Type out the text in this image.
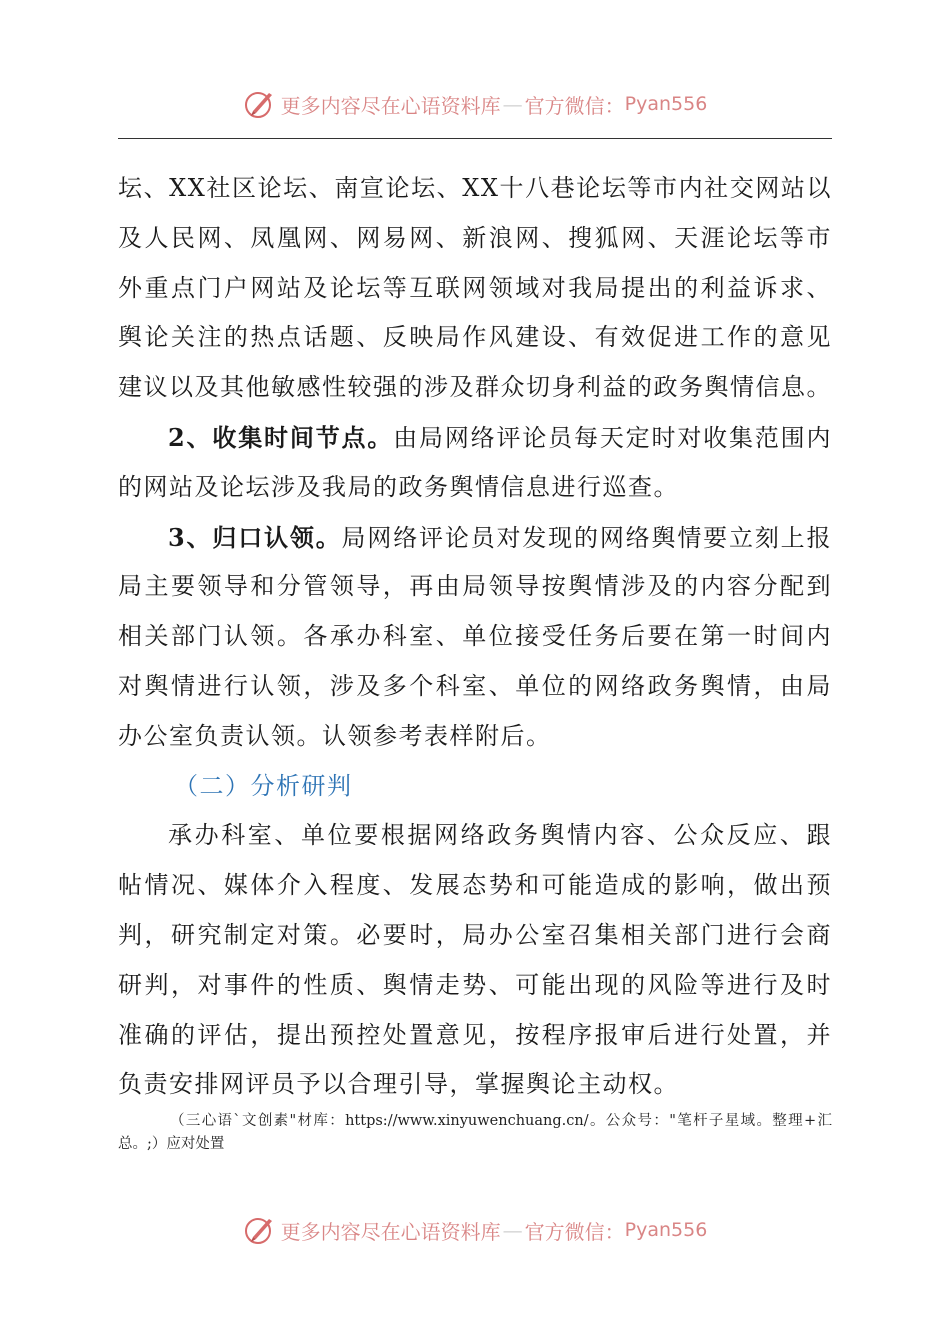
更多内容尽在心语资料库 — 官方微信： Pyan556
坛、XX社区论坛、南宣论坛、XX十八巷论坛等市内社交网站以
及人民网、凤凰网、网易网、新浪网、搜狐网、天涯论坛等市
外重点门户网站及论坛等互联网领域对我局提出的利益诉求、
舆论关注的热点话题、反映局作风建设、有效促进工作的意见
建议以及其他敏感性较强的涉及群众切身利益的政务舆情信息。
2、收集时间节点。由局网络评论员每天定时对收集范围内
的网站及论坛涉及我局的政务舆情信息进行巡查。
3、归口认领。局网络评论员对发现的网络舆情要立刻上报
局主要领导和分管领导，再由局领导按舆情涉及的内容分配到
相关部门认领。各承办科室、单位接受任务后要在第一时间内
对舆情进行认领，涉及多个科室、单位的网络政务舆情，由局
办公室负责认领。认领参考表样附后。
（二）分析研判
承办科室、单位要根据网络政务舆情内容、公众反应、跟
帖情况、媒体介入程度、发展态势和可能造成的影响，做出预
判，研究制定对策。必要时，局办公室召集相关部门进行会商
研判，对事件的性质、舆情走势、可能出现的风险等进行及时
准确的评估，提出预控处置意见，按程序报审后进行处置，并
负责安排网评员予以合理引导，掌握舆论主动权。
（三心语`文创素"材库：https://www.xinyuwenchuang.cn/。公众号："笔杆子星域。整理+汇
总。;）应对处置
更多内容尽在心语资料库 — 官方微信： Pyan556
